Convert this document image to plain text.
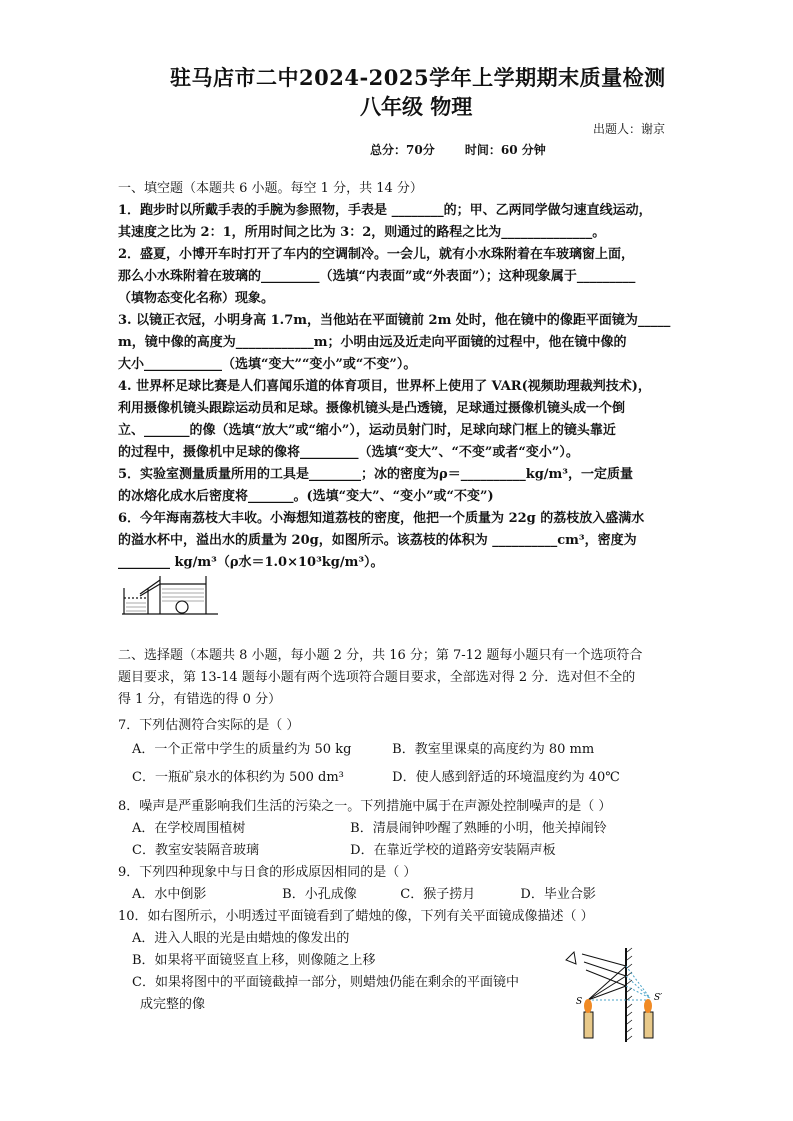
驻马店市二中2024-2025学年上学期期末质量检测
八年级 物理
出题人：谢京
总分：70分	时间：60 分钟

一、填空题（本题共 6 小题。每空 1 分，共 14 分）

1．跑步时以所戴手表的手腕为参照物，手表是 ________的；甲、乙两同学做匀速直线运动，

其速度之比为 2：1，所用时间之比为 3：2，则通过的路程之比为______________。

2．盛夏，小博开车时打开了车内的空调制冷。一会儿，就有小水珠附着在车玻璃窗上面，

那么小水珠附着在玻璃的_________（选填“内表面”或“外表面”）；这种现象属于_________

（填物态变化名称）现象。

3. 以镜正衣冠，小明身高 1.7m，当他站在平面镜前 2m 处时，他在镜中的像距平面镜为_____

m，镜中像的高度为____________m；小明由远及近走向平面镜的过程中，他在镜中像的

大小____________（选填“变大”“变小”或“不变”）。

4. 世界杯足球比赛是人们喜闻乐道的体育项目，世界杯上使用了 VAR(视频助理裁判技术)，

利用摄像机镜头跟踪运动员和足球。摄像机镜头是凸透镜，足球通过摄像机镜头成一个倒

立、_______的像（选填“放大”或“缩小”），运动员射门时，足球向球门框上的镜头靠近

的过程中，摄像机中足球的像将_________（选填“变大”、“不变”或者“变小”）。

5．实验室测量质量所用的工具是________；冰的密度为ρ＝__________kg/m³，一定质量

的冰熔化成水后密度将_______。(选填“变大”、“变小”或“不变”)

6．今年海南荔枝大丰收。小海想知道荔枝的密度，他把一个质量为 22g 的荔枝放入盛满水

的溢水杯中，溢出水的质量为 20g，如图所示。该荔枝的体积为 __________cm³，密度为

________ kg/m³（ρ水＝1.0×10³kg/m³）。

二、选择题（本题共 8 小题，每小题 2 分，共 16 分；第 7-12 题每小题只有一个选项符合

题目要求，第 13-14 题每小题有两个选项符合题目要求，全部选对得 2 分．选对但不全的

得 1 分，有错选的得 0 分）

7．下列估测符合实际的是（ ）

A．一个正常中学生的质量约为 50 kg	B．教室里课桌的高度约为 80 mm

C．一瓶矿泉水的体积约为 500 dm³	D．使人感到舒适的环境温度约为 40℃

8．噪声是严重影响我们生活的污染之一。下列措施中属于在声源处控制噪声的是（ ）

A．在学校周围植树	B．清晨闹钟吵醒了熟睡的小明，他关掉闹铃

C．教室安装隔音玻璃	D．在靠近学校的道路旁安装隔声板

9．下列四种现象中与日食的形成原因相同的是（ ）

A．水中倒影	B．小孔成像	C．猴子捞月	D．毕业合影

10．如右图所示，小明透过平面镜看到了蜡烛的像，下列有关平面镜成像描述（ ）

A．进入人眼的光是由蜡烛的像发出的

B．如果将平面镜竖直上移，则像随之上移

C．如果将图中的平面镜截掉一部分，则蜡烛仍能在剩余的平面镜中

成完整的像	S	S′
